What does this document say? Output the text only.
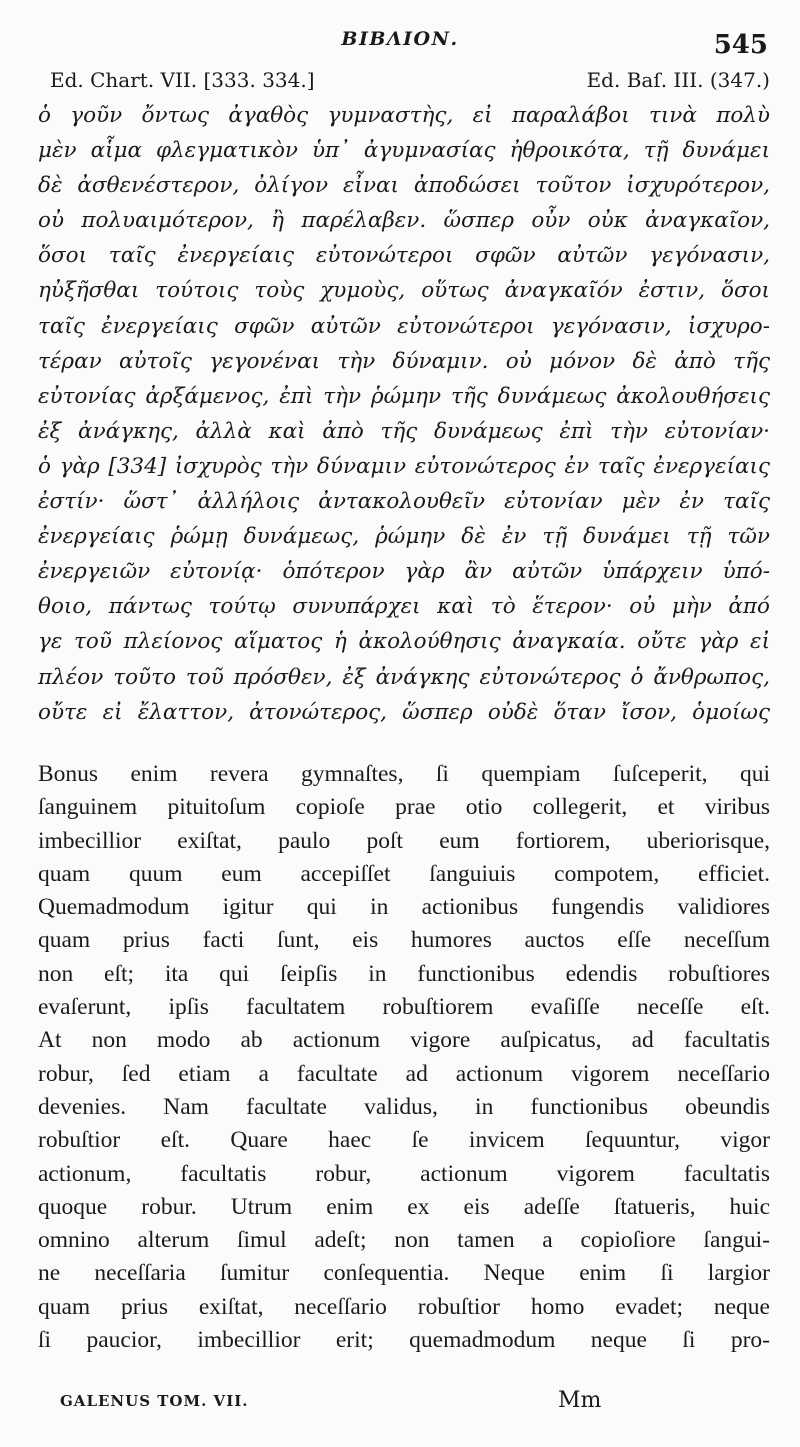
ΒΙΒΛΙΟΝ.	545
Ed. Chart. VII. [333. 334.]	Ed. Baſ. III. (347.)
ὁ γοῦν ὄντως ἀγαθὸς γυμναστὴς, εἰ παραλάβοι τινὰ πολὺ
μὲν αἷμα φλεγματικὸν ὑπ᾽ ἀγυμνασίας ἠθροικότα, τῇ δυνάμει
δὲ ἀσθενέστερον, ὀλίγον εἶναι ἀποδώσει τοῦτον ἰσχυρότερον,
οὐ πολυαιμότερον, ἢ παρέλαβεν. ὥσπερ οὖν οὐκ ἀναγκαῖον,
ὅσοι ταῖς ἐνεργείαις εὐτονώτεροι σφῶν αὐτῶν γεγόνασιν,
ηὐξῆσθαι τούτοις τοὺς χυμοὺς, οὕτως ἀναγκαῖόν ἐστιν, ὅσοι
ταῖς ἐνεργείαις σφῶν αὐτῶν εὐτονώτεροι γεγόνασιν, ἰσχυρο-
τέραν αὐτοῖς γεγονέναι τὴν δύναμιν. οὐ μόνον δὲ ἀπὸ τῆς
εὐτονίας ἀρξάμενος, ἐπὶ τὴν ῥώμην τῆς δυνάμεως ἀκολουθήσεις
ἐξ ἀνάγκης, ἀλλὰ καὶ ἀπὸ τῆς δυνάμεως ἐπὶ τὴν εὐτονίαν·
ὁ γὰρ [334] ἰσχυρὸς τὴν δύναμιν εὐτονώτερος ἐν ταῖς ἐνεργείαις
ἐστίν· ὥστ᾽ ἀλλήλοις ἀντακολουθεῖν εὐτονίαν μὲν ἐν ταῖς
ἐνεργείαις ῥώμῃ δυνάμεως, ῥώμην δὲ ἐν τῇ δυνάμει τῇ τῶν
ἐνεργειῶν εὐτονίᾳ· ὁπότερον γὰρ ἂν αὐτῶν ὑπάρχειν ὑπό-
θοιο, πάντως τούτῳ συνυπάρχει καὶ τὸ ἕτερον· οὐ μὴν ἀπό
γε τοῦ πλείονος αἵματος ἡ ἀκολούθησις ἀναγκαία. οὔτε γὰρ εἰ
πλέον τοῦτο τοῦ πρόσθεν, ἐξ ἀνάγκης εὐτονώτερος ὁ ἄνθρωπος,
οὔτε εἰ ἔλαττον, ἀτονώτερος, ὥσπερ οὐδὲ ὅταν ἴσον, ὁμοίως
Bonus enim revera gymnaſtes, ſi quempiam ſuſceperit, qui
ſanguinem pituitoſum copioſe prae otio collegerit, et viribus
imbecillior exiſtat, paulo poſt eum fortiorem, uberiorisque,
quam quum eum accepiſſet ſanguiuis compotem, efficiet.
Quemadmodum igitur qui in actionibus fungendis validiores
quam prius facti ſunt, eis humores auctos eſſe neceſſum
non eſt; ita qui ſeipſis in functionibus edendis robuſtiores
evaſerunt, ipſis facultatem robuſtiorem evaſiſſe neceſſe eſt.
At non modo ab actionum vigore auſpicatus, ad facultatis
robur, ſed etiam a facultate ad actionum vigorem neceſſario
devenies. Nam facultate validus, in functionibus obeundis
robuſtior eſt. Quare haec ſe invicem ſequuntur, vigor
actionum, facultatis robur, actionum vigorem facultatis
quoque robur. Utrum enim ex eis adeſſe ſtatueris, huic
omnino alterum ſimul adeſt; non tamen a copioſiore ſangui-
ne neceſſaria ſumitur conſequentia. Neque enim ſi largior
quam prius exiſtat, neceſſario robuſtior homo evadet; neque
ſi paucior, imbecillior erit; quemadmodum neque ſi pro-
GALENUS TOM. VII.	Mm
